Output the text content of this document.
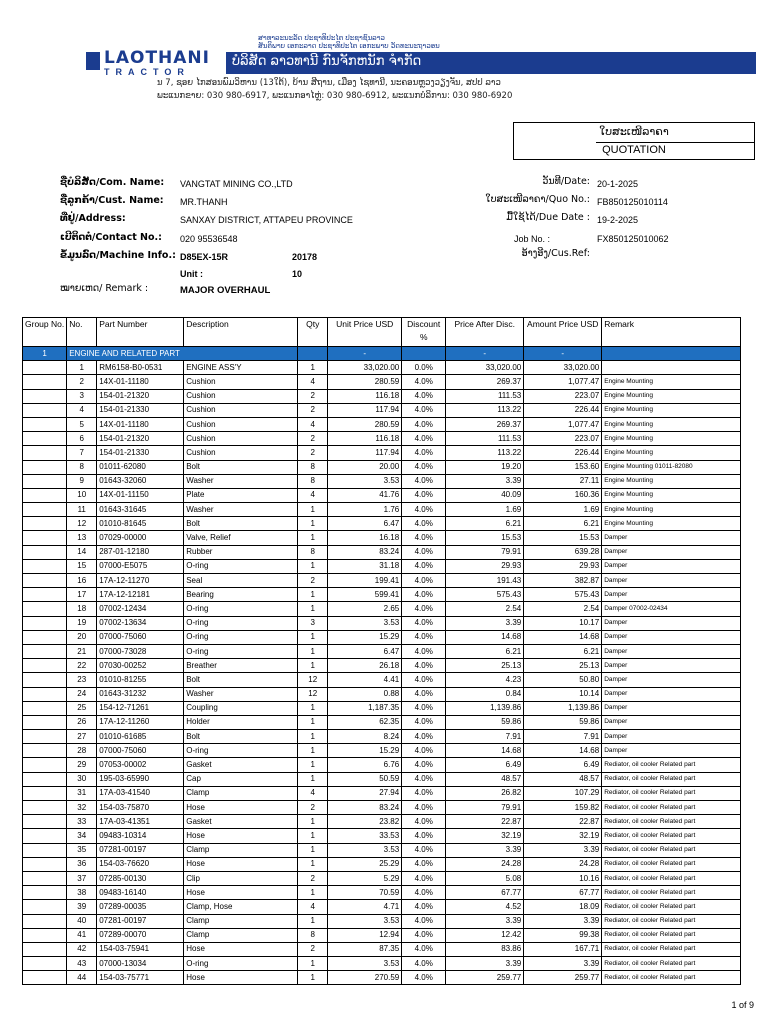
ສາທາລະນະລັດ ປະຊາທິປະໄຕ ປະຊາຊົນລາວ
ສັນຕິພາບ ເອກະລາດ ປະຊາທິປະໄຕ ເອກະພາບ ວັດທະນະຖາວອນ
LAOTHANI
TRACTOR
ບໍລິສັດ ລາວທານີ ກົນຈັກຫນັກ ຈຳກັດ
ນ 7, ຊອຍ ໄກສອນພົມວິຫານ (13ໃຕ້), ບ້ານ ສີຖານ, ເມືອງ ໄຊທານີ, ນະຄອນຫຼວງວຽງຈັນ, ສປປ ລາວ
ພະແນກຂາຍ: 030 980-6917, ພະແນກອາໄຫຼ່: 030 980-6912, ພະແນກບໍລິການ: 030 980-6920
ໃບສະເໜີລາຄາ
QUOTATION
ຊື່ບໍລິສັດ/Com. Name: VANGTAT MINING CO.,LTD
ຊື່ລູກຄ້າ/Cust. Name: MR.THANH
ທີ່ຢູ່/Address:	SANXAY DISTRICT, ATTAPEU PROVINCE
ເບີຕິດຕໍ່/Contact No.: 020 95536548
ຂໍ້ມູນລົດ/Machine Info.: D85EX-15R	20178
Unit :	10
ໝາຍເຫດ/ Remark :	MAJOR OVERHAUL
ວັນທີ/Date: 20-1-2025
ໃບສະເໜີລາຄາ/Quo No.: FB850125010114
ມື້ໃຊ້ໄດ້/Due Date : 19-2-2025
Job No. :	FX850125010062
ອ້າງອີງ/Cus.Ref:
Group No.	No.	Part Number	Description	Qty	Unit Price USD	Discount %	Price After Disc.	Amount Price USD	Remark
1	ENGINE AND RELATED PART				-		-	-	
	1	RM6158-B0-0531	ENGINE ASS'Y	1	33,020.00	0.0%	33,020.00	33,020.00	
	2	14X-01-11180	Cushion	4	280.59	4.0%	269.37	1,077.47	Engine Mounting
	3	154-01-21320	Cushion	2	116.18	4.0%	111.53	223.07	Engine Mounting
	4	154-01-21330	Cushion	2	117.94	4.0%	113.22	226.44	Engine Mounting
	5	14X-01-11180	Cushion	4	280.59	4.0%	269.37	1,077.47	Engine Mounting
	6	154-01-21320	Cushion	2	116.18	4.0%	111.53	223.07	Engine Mounting
	7	154-01-21330	Cushion	2	117.94	4.0%	113.22	226.44	Engine Mounting
	8	01011-62080	Bolt	8	20.00	4.0%	19.20	153.60	Engine Mounting 01011-82080
	9	01643-32060	Washer	8	3.53	4.0%	3.39	27.11	Engine Mounting
	10	14X-01-11150	Plate	4	41.76	4.0%	40.09	160.36	Engine Mounting
	11	01643-31645	Washer	1	1.76	4.0%	1.69	1.69	Engine Mounting
	12	01010-81645	Bolt	1	6.47	4.0%	6.21	6.21	Engine Mounting
	13	07029-00000	Valve, Relief	1	16.18	4.0%	15.53	15.53	Damper
	14	287-01-12180	Rubber	8	83.24	4.0%	79.91	639.28	Damper
	15	07000-E5075	O-ring	1	31.18	4.0%	29.93	29.93	Damper
	16	17A-12-11270	Seal	2	199.41	4.0%	191.43	382.87	Damper
	17	17A-12-12181	Bearing	1	599.41	4.0%	575.43	575.43	Damper
	18	07002-12434	O-ring	1	2.65	4.0%	2.54	2.54	Damper 07002-02434
	19	07002-13634	O-ring	3	3.53	4.0%	3.39	10.17	Damper
	20	07000-75060	O-ring	1	15.29	4.0%	14.68	14.68	Damper
	21	07000-73028	O-ring	1	6.47	4.0%	6.21	6.21	Damper
	22	07030-00252	Breather	1	26.18	4.0%	25.13	25.13	Damper
	23	01010-81255	Bolt	12	4.41	4.0%	4.23	50.80	Damper
	24	01643-31232	Washer	12	0.88	4.0%	0.84	10.14	Damper
	25	154-12-71261	Coupling	1	1,187.35	4.0%	1,139.86	1,139.86	Damper
	26	17A-12-11260	Holder	1	62.35	4.0%	59.86	59.86	Damper
	27	01010-61685	Bolt	1	8.24	4.0%	7.91	7.91	Damper
	28	07000-75060	O-ring	1	15.29	4.0%	14.68	14.68	Damper
	29	07053-00002	Gasket	1	6.76	4.0%	6.49	6.49	Rediator, oil cooler Related part
	30	195-03-65990	Cap	1	50.59	4.0%	48.57	48.57	Rediator, oil cooler Related part
	31	17A-03-41540	Clamp	4	27.94	4.0%	26.82	107.29	Rediator, oil cooler Related part
	32	154-03-75870	Hose	2	83.24	4.0%	79.91	159.82	Rediator, oil cooler Related part
	33	17A-03-41351	Gasket	1	23.82	4.0%	22.87	22.87	Rediator, oil cooler Related part
	34	09483-10314	Hose	1	33.53	4.0%	32.19	32.19	Rediator, oil cooler Related part
	35	07281-00197	Clamp	1	3.53	4.0%	3.39	3.39	Rediator, oil cooler Related part
	36	154-03-76620	Hose	1	25.29	4.0%	24.28	24.28	Rediator, oil cooler Related part
	37	07285-00130	Clip	2	5.29	4.0%	5.08	10.16	Rediator, oil cooler Related part
	38	09483-16140	Hose	1	70.59	4.0%	67.77	67.77	Rediator, oil cooler Related part
	39	07289-00035	Clamp, Hose	4	4.71	4.0%	4.52	18.09	Rediator, oil cooler Related part
	40	07281-00197	Clamp	1	3.53	4.0%	3.39	3.39	Rediator, oil cooler Related part
	41	07289-00070	Clamp	8	12.94	4.0%	12.42	99.38	Rediator, oil cooler Related part
	42	154-03-75941	Hose	2	87.35	4.0%	83.86	167.71	Rediator, oil cooler Related part
	43	07000-13034	O-ring	1	3.53	4.0%	3.39	3.39	Rediator, oil cooler Related part
	44	154-03-75771	Hose	1	270.59	4.0%	259.77	259.77	Rediator, oil cooler Related part
1 of 9
